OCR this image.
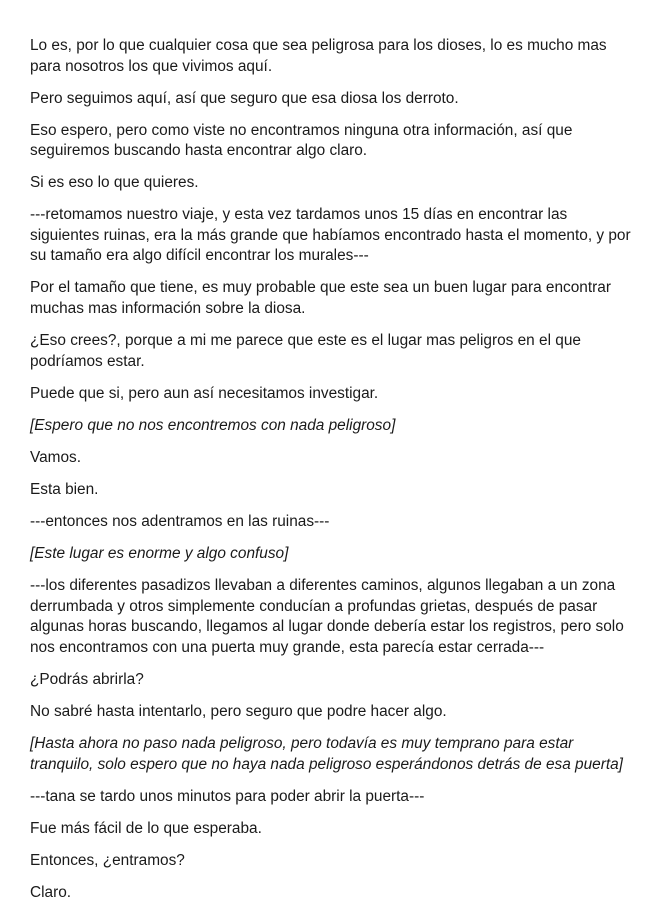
Lo es, por lo que cualquier cosa que sea peligrosa para los dioses, lo es mucho mas para nosotros los que vivimos aquí.

Pero seguimos aquí, así que seguro que esa diosa los derroto.

Eso espero, pero como viste no encontramos ninguna otra información, así que seguiremos buscando hasta encontrar algo claro.

Si es eso lo que quieres.

---retomamos nuestro viaje, y esta vez tardamos unos 15 días en encontrar las siguientes ruinas, era la más grande que habíamos encontrado hasta el momento, y por su tamaño era algo difícil encontrar los murales---

Por el tamaño que tiene, es muy probable que este sea un buen lugar para encontrar muchas mas información sobre la diosa.

¿Eso crees?, porque a mi me parece que este es el lugar mas peligros en el que podríamos estar.

Puede que si, pero aun así necesitamos investigar.

[Espero que no nos encontremos con nada peligroso]

Vamos.

Esta bien.

---entonces nos adentramos en las ruinas---

[Este lugar es enorme y algo confuso]

---los diferentes pasadizos llevaban a diferentes caminos, algunos llegaban a un zona derrumbada y otros simplemente conducían a profundas grietas, después de pasar algunas horas buscando, llegamos al lugar donde debería estar los registros, pero solo nos encontramos con una puerta muy grande, esta parecía estar cerrada---

¿Podrás abrirla?

No sabré hasta intentarlo, pero seguro que podre hacer algo.

[Hasta ahora no paso nada peligroso, pero todavía es muy temprano para estar tranquilo, solo espero que no haya nada peligroso esperándonos detrás de esa puerta]

---tana se tardo unos minutos para poder abrir la puerta---

Fue más fácil de lo que esperaba.

Entonces, ¿entramos?

Claro.
